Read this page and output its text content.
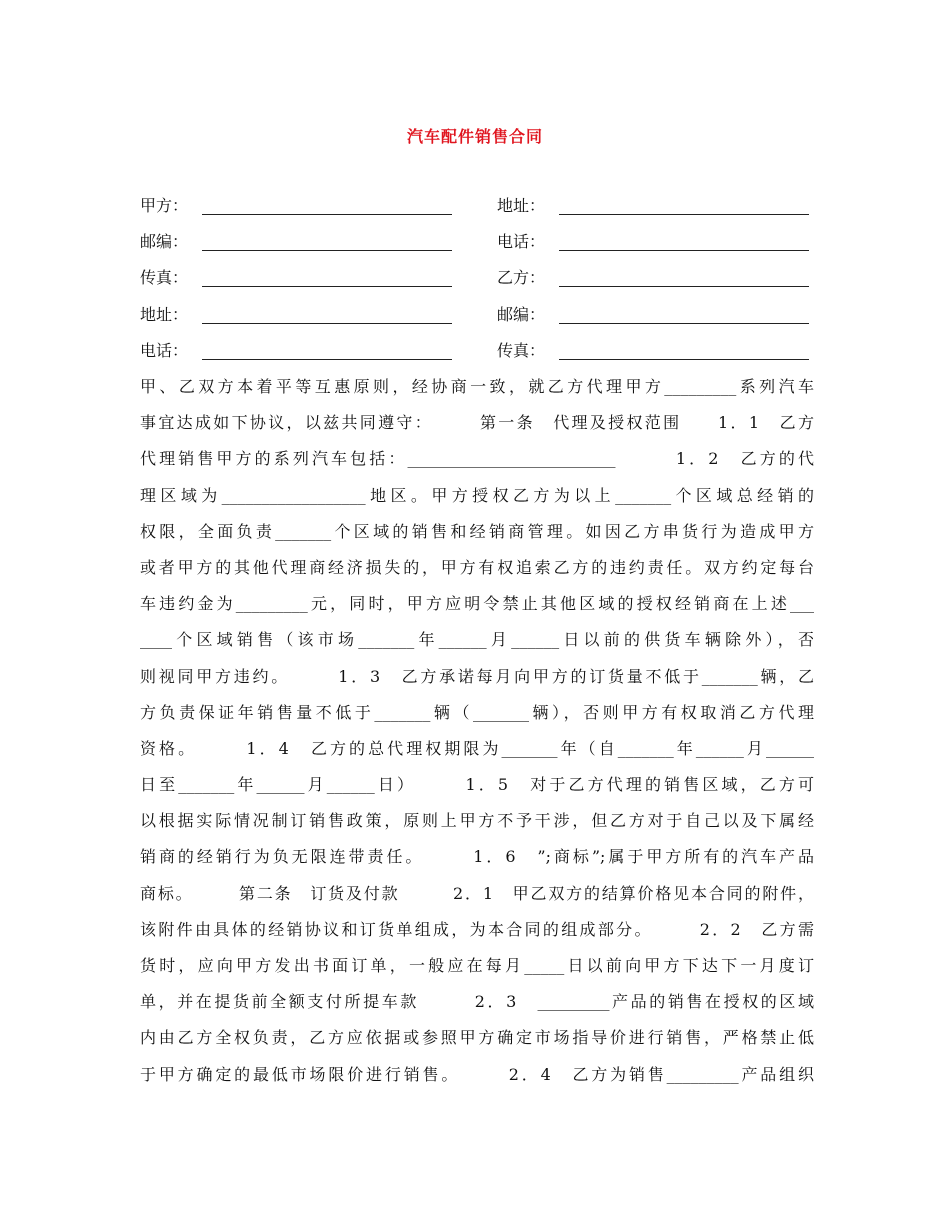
汽车配件销售合同
甲方：	地址：
邮编：	电话：
传真：	乙方：
地址：	邮编：
电话：	传真：
甲、乙双方本着平等互惠原则，经协商一致，就乙方代理甲方_________系列汽车
事宜达成如下协议，以兹共同遵守：　　　第一条　代理及授权范围　　1．1　乙方
代理销售甲方的系列汽车包括：__________________________　　　1．2　乙方的代
理区域为__________________地区。甲方授权乙方为以上_______个区域总经销的
权限，全面负责_______个区域的销售和经销商管理。如因乙方串货行为造成甲方
或者甲方的其他代理商经济损失的，甲方有权追索乙方的违约责任。双方约定每台
车违约金为_________元，同时，甲方应明令禁止其他区域的授权经销商在上述___
____个区域销售（该市场_______年______月______日以前的供货车辆除外），否
则视同甲方违约。　　　1．3　乙方承诺每月向甲方的订货量不低于_______辆，乙
方负责保证年销售量不低于_______辆（_______辆），否则甲方有权取消乙方代理
资格。　　　1．4　乙方的总代理权期限为_______年（自_______年______月______
日至_______年______月______日）　　　1．5　对于乙方代理的销售区域，乙方可
以根据实际情况制订销售政策，原则上甲方不予干涉，但乙方对于自己以及下属经
销商的经销行为负无限连带责任。　　　1．6　”;商标”;属于甲方所有的汽车产品
商标。　　　第二条　订货及付款　　　2．1　甲乙双方的结算价格见本合同的附件，
该附件由具体的经销协议和订货单组成，为本合同的组成部分。　　　2．2　乙方需
货时，应向甲方发出书面订单，一般应在每月_____日以前向甲方下达下一月度订
单，并在提货前全额支付所提车款　　　2．3　_________产品的销售在授权的区域
内由乙方全权负责，乙方应依据或参照甲方确定市场指导价进行销售，严格禁止低
于甲方确定的最低市场限价进行销售。　　　2．4　乙方为销售_________产品组织
